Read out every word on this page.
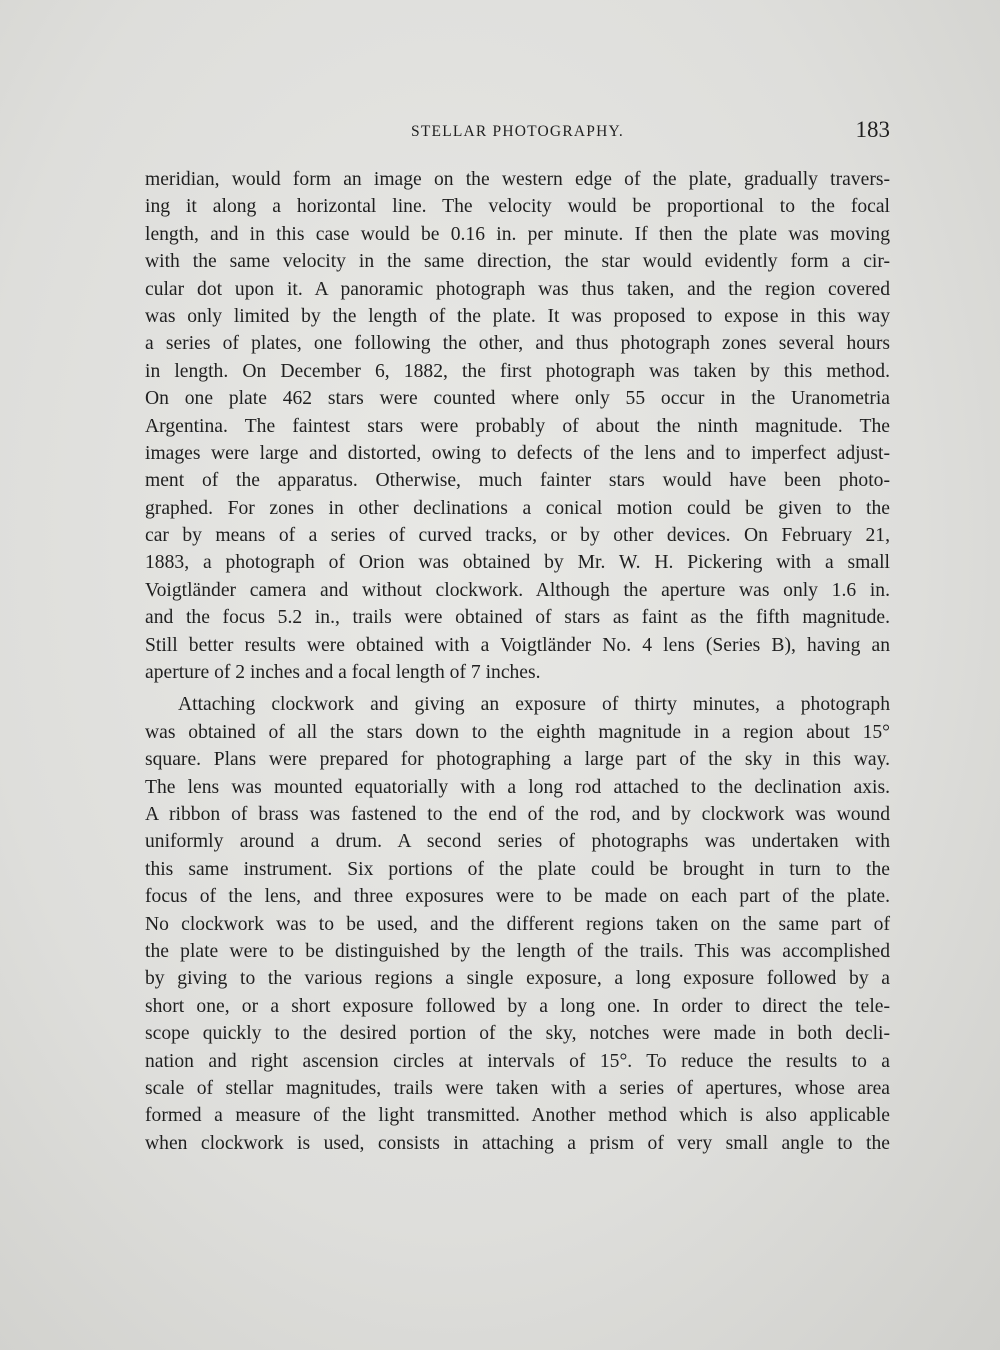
STELLAR PHOTOGRAPHY.	183
meridian, would form an image on the western edge of the plate, gradually travers-
ing it along a horizontal line. The velocity would be proportional to the focal
length, and in this case would be 0.16 in. per minute. If then the plate was moving
with the same velocity in the same direction, the star would evidently form a cir-
cular dot upon it. A panoramic photograph was thus taken, and the region covered
was only limited by the length of the plate. It was proposed to expose in this way
a series of plates, one following the other, and thus photograph zones several hours
in length. On December 6, 1882, the first photograph was taken by this method.
On one plate 462 stars were counted where only 55 occur in the Uranometria
Argentina. The faintest stars were probably of about the ninth magnitude. The
images were large and distorted, owing to defects of the lens and to imperfect adjust-
ment of the apparatus. Otherwise, much fainter stars would have been photo-
graphed. For zones in other declinations a conical motion could be given to the
car by means of a series of curved tracks, or by other devices. On February 21,
1883, a photograph of Orion was obtained by Mr. W. H. Pickering with a small
Voigtländer camera and without clockwork. Although the aperture was only 1.6 in.
and the focus 5.2 in., trails were obtained of stars as faint as the fifth magnitude.
Still better results were obtained with a Voigtländer No. 4 lens (Series B), having an
aperture of 2 inches and a focal length of 7 inches.
Attaching clockwork and giving an exposure of thirty minutes, a photograph
was obtained of all the stars down to the eighth magnitude in a region about 15°
square. Plans were prepared for photographing a large part of the sky in this way.
The lens was mounted equatorially with a long rod attached to the declination axis.
A ribbon of brass was fastened to the end of the rod, and by clockwork was wound
uniformly around a drum. A second series of photographs was undertaken with
this same instrument. Six portions of the plate could be brought in turn to the
focus of the lens, and three exposures were to be made on each part of the plate.
No clockwork was to be used, and the different regions taken on the same part of
the plate were to be distinguished by the length of the trails. This was accomplished
by giving to the various regions a single exposure, a long exposure followed by a
short one, or a short exposure followed by a long one. In order to direct the tele-
scope quickly to the desired portion of the sky, notches were made in both decli-
nation and right ascension circles at intervals of 15°. To reduce the results to a
scale of stellar magnitudes, trails were taken with a series of apertures, whose area
formed a measure of the light transmitted. Another method which is also applicable
when clockwork is used, consists in attaching a prism of very small angle to the
